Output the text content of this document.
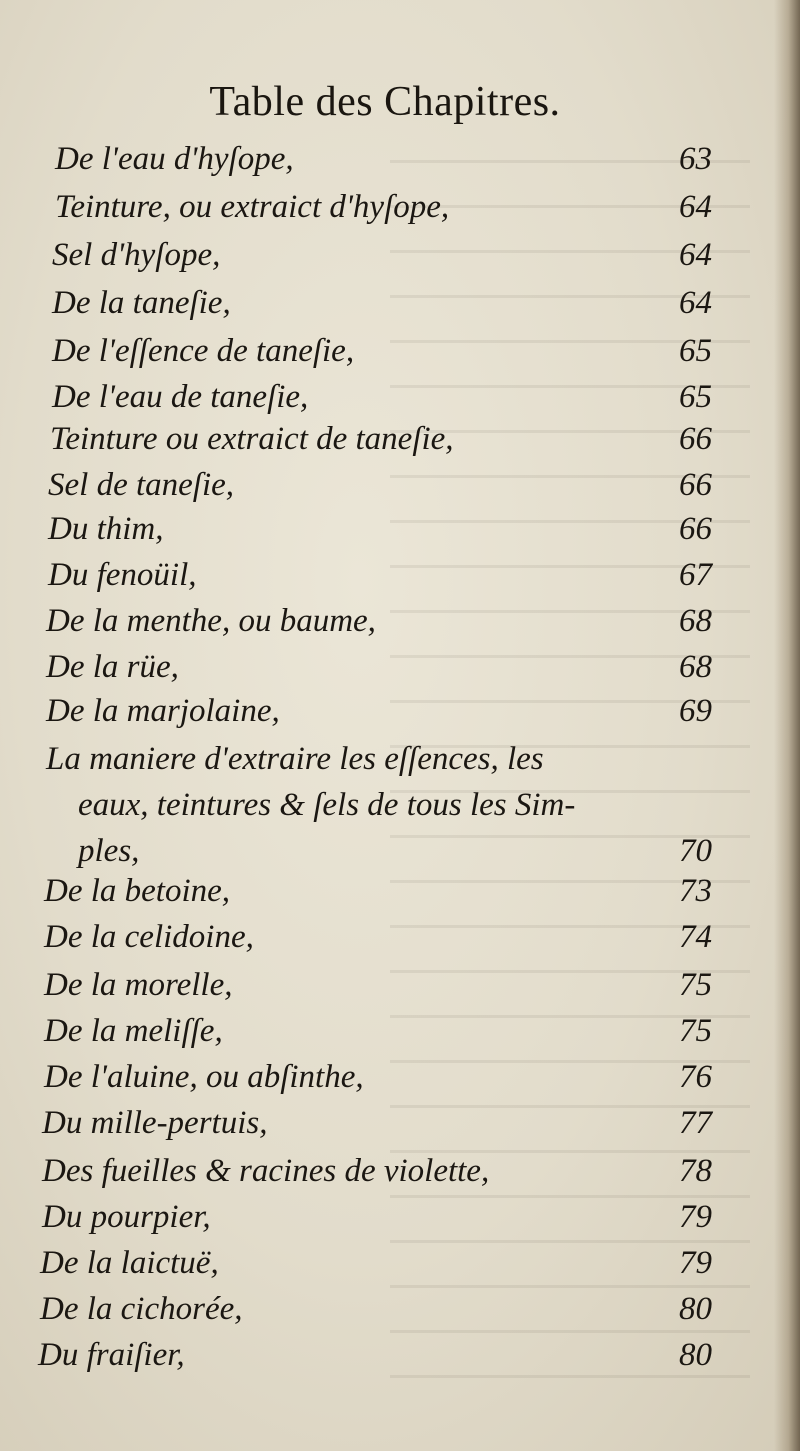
Table des Chapitres.
De l'eau d'hyſope,	63
Teinture, ou extraict d'hyſope,	64
Sel d'hyſope,	64
De la taneſie,	64
De l'eſſence de taneſie,	65
De l'eau de taneſie,	65
Teinture ou extraict de taneſie,	66
Sel de taneſie,	66
Du thim,	66
Du fenoüil,	67
De la menthe, ou baume,	68
De la rüe,	68
De la marjolaine,	69
La maniere d'extraire les eſſences, les
eaux, teintures & ſels de tous les Sim-
ples,	70
De la betoine,	73
De la celidoine,	74
De la morelle,	75
De la meliſſe,	75
De l'aluine, ou abſinthe,	76
Du mille-pertuis,	77
Des fueilles & racines de violette,	78
Du pourpier,	79
De la laictuë,	79
De la cichorée,	80
Du fraiſier,	80
